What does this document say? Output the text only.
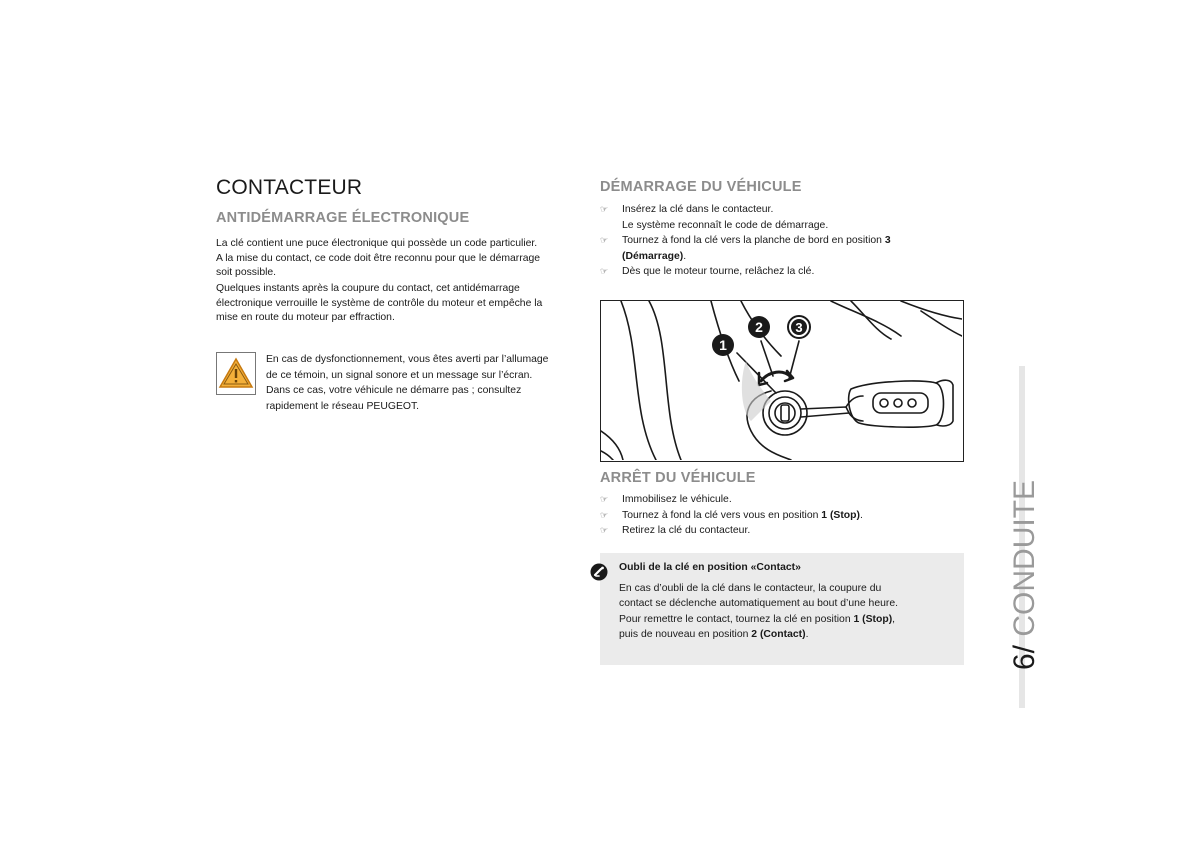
CONTACTEUR
ANTIDÉMARRAGE ÉLECTRONIQUE

La clé contient une puce électronique qui possède un code particulier.

A la mise du contact, ce code doit être reconnu pour que le démarrage

soit possible.

Quelques instants après la coupure du contact, cet antidémarrage

électronique verrouille le système de contrôle du moteur et empêche la

mise en route du moteur par effraction.

En cas de dysfonctionnement, vous êtes averti par l’allumage

de ce témoin, un signal sonore et un message sur l’écran.

Dans ce cas, votre véhicule ne démarre pas ; consultez

rapidement le réseau PEUGEOT.

DÉMARRAGE DU VÉHICULE
☞ Insérez la clé dans le contacteur.
Le système reconnaît le code de démarrage.
☞ Tournez à fond la clé vers la planche de bord en position 3
(Démarrage).
☞ Dès que le moteur tourne, relâchez la clé.
1
2 3
ARRÊT DU VÉHICULE
☞ Immobilisez le véhicule.
☞ Tournez à fond la clé vers vous en position 1 (Stop).
☞ Retirez la clé du contacteur.

Oubli de la clé en position «Contact»

En cas d’oubli de la clé dans le contacteur, la coupure du

contact se déclenche automatiquement au bout d’une heure.

Pour remettre le contact, tournez la clé en position 1 (Stop),

puis de nouveau en position 2 (Contact).

6/ CONDUITE
